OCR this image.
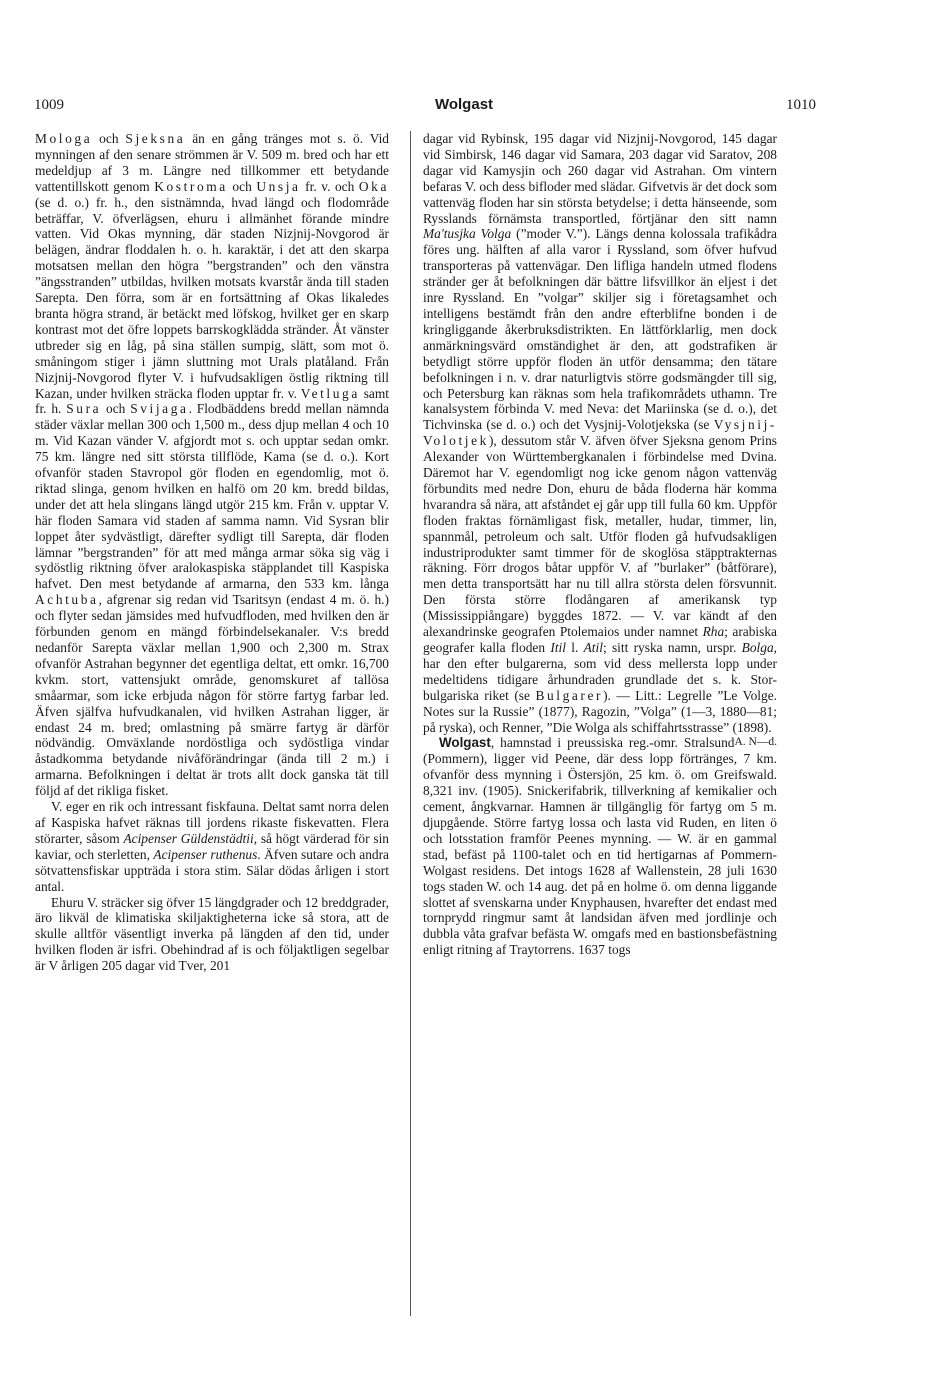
1009	Wolgast	1010

Mologa och Sjeksna än en gång tränges mot s. ö. Vid mynningen af den senare strömmen är V. 509 m. bred och har ett medeldjup af 3 m. Längre ned tillkommer ett betydande vattentillskott genom Kostroma och Unsja fr. v. och Oka (se d. o.) fr. h., den sistnämnda, hvad längd och flodområde beträffar, V. öfverlägsen, ehuru i allmänhet förande mindre vatten. Vid Okas mynning, där staden Nizjnij-Novgorod är belägen, ändrar floddalen h. o. h. karaktär, i det att den skarpa motsatsen mellan den högra ”bergstranden” och den vänstra ”ängsstranden” utbildas, hvilken motsats kvarstår ända till staden Sarepta. Den förra, som är en fortsättning af Okas likaledes branta högra strand, är betäckt med löfskog, hvilket ger en skarp kontrast mot det öfre loppets barrskogklädda stränder. Åt vänster utbreder sig en låg, på sina ställen sumpig, slätt, som mot ö. småningom stiger i jämn sluttning mot Urals platåland. Från Nizjnij-Novgorod flyter V. i hufvudsakligen östlig riktning till Kazan, under hvilken sträcka floden upptar fr. v. Vetluga samt fr. h. Sura och Svijaga. Flodbäddens bredd mellan nämnda städer växlar mellan 300 och 1,500 m., dess djup mellan 4 och 10 m. Vid Kazan vänder V. afgjordt mot s. och upptar sedan omkr. 75 km. längre ned sitt största tillflöde, Kama (se d. o.). Kort ofvanför staden Stavropol gör floden en egendomlig, mot ö. riktad slinga, genom hvilken en halfö om 20 km. bredd bildas, under det att hela slingans längd utgör 215 km. Från v. upptar V. här floden Samara vid staden af samma namn. Vid Sysran blir loppet åter sydvästligt, därefter sydligt till Sarepta, där floden lämnar ”bergstranden” för att med många armar söka sig väg i sydöstlig riktning öfver aralokaspiska stäpplandet till Kaspiska hafvet. Den mest betydande af armarna, den 533 km. långa Achtuba, afgrenar sig redan vid Tsaritsyn (endast 4 m. ö. h.) och flyter sedan jämsides med hufvudfloden, med hvilken den är förbunden genom en mängd förbindelsekanaler. V:s bredd nedanför Sarepta växlar mellan 1,900 och 2,300 m. Strax ofvanför Astrahan begynner det egentliga deltat, ett omkr. 16,700 kvkm. stort, vattensjukt område, genomskuret af tallösa småarmar, som icke erbjuda någon för större fartyg farbar led. Äfven själfva hufvudkanalen, vid hvilken Astrahan ligger, är endast 24 m. bred; omlastning på smärre fartyg är därför nödvändig. Omväxlande nordöstliga och sydöstliga vindar åstadkomma betydande nivåförändringar (ända till 2 m.) i armarna. Befolkningen i deltat är trots allt dock ganska tät till följd af det rikliga fisket.

V. eger en rik och intressant fiskfauna. Deltat samt norra delen af Kaspiska hafvet räknas till jordens rikaste fiskevatten. Flera störarter, såsom Acipenser Güldenstädtii, så högt värderad för sin kaviar, och sterletten, Acipenser ruthenus. Äfven sutare och andra sötvattensfiskar uppträda i stora stim. Sälar dödas årligen i stort antal.

Ehuru V. sträcker sig öfver 15 längdgrader och 12 breddgrader, äro likväl de klimatiska skiljaktigheterna icke så stora, att de skulle alltför väsentligt inverka på längden af den tid, under hvilken floden är isfri. Obehindrad af is och följaktligen segelbar är V årligen 205 dagar vid Tver, 201

dagar vid Rybinsk, 195 dagar vid Nizjnij-Novgorod, 145 dagar vid Simbirsk, 146 dagar vid Samara, 203 dagar vid Saratov, 208 dagar vid Kamysjin och 260 dagar vid Astrahan. Om vintern befaras V. och dess bifloder med slädar. Gifvetvis är det dock som vattenväg floden har sin största betydelse; i detta hänseende, som Rysslands förnämsta transportled, förtjänar den sitt namn Ma'tusjka Volga (”moder V.”). Längs denna kolossala trafikådra föres ung. hälften af alla varor i Ryssland, som öfver hufvud transporteras på vattenvägar. Den lifliga handeln utmed flodens stränder ger åt befolkningen där bättre lifsvillkor än eljest i det inre Ryssland. En ”volgar” skiljer sig i företagsamhet och intelligens bestämdt från den andre efterblifne bonden i de kringliggande åkerbruksdistrikten. En lättförklarlig, men dock anmärkningsvärd omständighet är den, att godstrafiken är betydligt större uppför floden än utför densamma; den tätare befolkningen i n. v. drar naturligtvis större godsmängder till sig, och Petersburg kan räknas som hela trafikområdets uthamn. Tre kanalsystem förbinda V. med Neva: det Mariinska (se d. o.), det Tichvinska (se d. o.) och det Vysjnij-Volotjekska (se Vysjnij-Volotjek), dessutom står V. äfven öfver Sjeksna genom Prins Alexander von Württembergkanalen i förbindelse med Dvina. Däremot har V. egendomligt nog icke genom någon vattenväg förbundits med nedre Don, ehuru de båda floderna här komma hvarandra så nära, att afståndet ej går upp till fulla 60 km. Uppför floden fraktas förnämligast fisk, metaller, hudar, timmer, lin, spannmål, petroleum och salt. Utför floden gå hufvudsakligen industriprodukter samt timmer för de skoglösa stäpptrakternas räkning. Förr drogos båtar uppför V. af ”burlaker” (båtförare), men detta transportsätt har nu till allra största delen försvunnit. Den första större flodångaren af amerikansk typ (Mississippiångare) byggdes 1872. — V. var kändt af den alexandrinske geografen Ptolemaios under namnet Rha; arabiska geografer kalla floden Itil l. Atil; sitt ryska namn, urspr. Bolga, har den efter bulgarerna, som vid dess mellersta lopp under medeltidens tidigare århundraden grundlade det s. k. Stor-bulgariska riket (se Bulgarer). — Litt.: Legrelle ”Le Volge. Notes sur la Russie” (1877), Ragozin, ”Volga” (1—3, 1880—81; på ryska), och Renner, ”Die Wolga als schiffahrtsstrasse” (1898).
A. N—d.

Wolgast, hamnstad i preussiska reg.-omr. Stralsund (Pommern), ligger vid Peene, där dess lopp förtränges, 7 km. ofvanför dess mynning i Östersjön, 25 km. ö. om Greifswald. 8,321 inv. (1905). Snickerifabrik, tillverkning af kemikalier och cement, ångkvarnar. Hamnen är tillgänglig för fartyg om 5 m. djupgående. Större fartyg lossa och lasta vid Ruden, en liten ö och lotsstation framför Peenes mynning. — W. är en gammal stad, befäst på 1100-talet och en tid hertigarnas af Pommern-Wolgast residens. Det intogs 1628 af Wallenstein, 28 juli 1630 togs staden W. och 14 aug. det på en holme ö. om denna liggande slottet af svenskarna under Knyphausen, hvarefter det endast med tornprydd ringmur samt åt landsidan äfven med jordlinje och dubbla våta grafvar befästa W. omgafs med en bastionsbefästning enligt ritning af Traytorrens. 1637 togs
